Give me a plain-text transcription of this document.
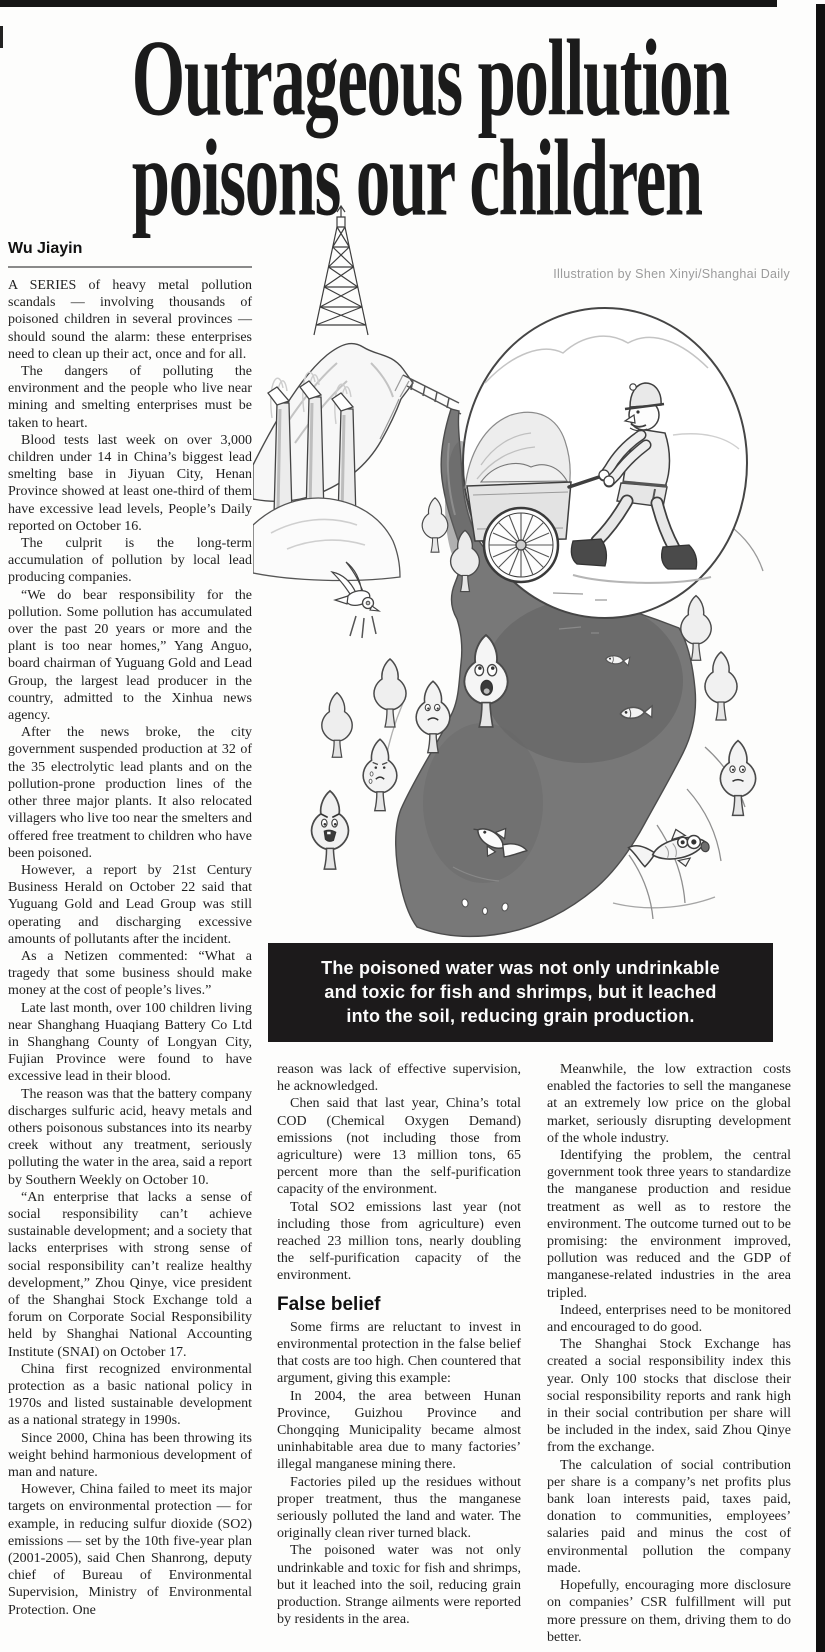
Outrageous pollution
poisons our children
Wu Jiayin
Illustration by Shen Xinyi/Shanghai Daily
The poisoned water was not only undrinkable
and toxic for fish and shrimps, but it leached
into the soil, reducing grain production.

A SERIES of heavy metal pollution scandals — involving thousands of poisoned children in several provinces — should sound the alarm: these enterprises need to clean up their act, once and for all.

The dangers of polluting the environment and the people who live near mining and smelting enterprises must be taken to heart.

Blood tests last week on over 3,000 children under 14 in China’s biggest lead smelting base in Jiyuan City, Henan Province showed at least one-third of them have excessive lead levels, People’s Daily reported on October 16.

The culprit is the long-term accumulation of pollution by local lead producing companies.

“We do bear responsibility for the pollution. Some pollution has accumulated over the past 20 years or more and the plant is too near homes,” Yang Anguo, board chairman of Yuguang Gold and Lead Group, the largest lead producer in the country, admitted to the Xinhua news agency.

After the news broke, the city government suspended production at 32 of the 35 electrolytic lead plants and on the pollution-prone production lines of the other three major plants. It also relocated villagers who live too near the smelters and offered free treatment to children who have been poisoned.

However, a report by 21st Century Business Herald on October 22 said that Yuguang Gold and Lead Group was still operating and discharging excessive amounts of pollutants after the incident.

As a Netizen commented: “What a tragedy that some business should make money at the cost of people’s lives.”

Late last month, over 100 children living near Shanghang Huaqiang Battery Co Ltd in Shanghang County of Longyan City, Fujian Province were found to have excessive lead in their blood.

The reason was that the battery company discharges sulfuric acid, heavy metals and others poisonous substances into its nearby creek without any treatment, seriously polluting the water in the area, said a report by Southern Weekly on October 10.

“An enterprise that lacks a sense of social responsibility can’t achieve sustainable development; and a society that lacks enterprises with strong sense of social responsibility can’t realize healthy development,” Zhou Qinye, vice president of the Shanghai Stock Exchange told a forum on Corporate Social Responsibility held by Shanghai National Accounting Institute (SNAI) on October 17.

China first recognized environmental protection as a basic national policy in 1970s and listed sustainable development as a national strategy in 1990s.

Since 2000, China has been throwing its weight behind harmonious development of man and nature.

However, China failed to meet its major targets on environmental protection — for example, in reducing sulfur dioxide (SO2) emissions — set by the 10th five-year plan (2001-2005), said Chen Shanrong, deputy chief of Bureau of Environmental Supervision, Ministry of Environmental Protection. One

reason was lack of effective supervision, he acknowledged.

Chen said that last year, China’s total COD (Chemical Oxygen Demand) emissions (not including those from agriculture) were 13 million tons, 65 percent more than the self-purification capacity of the environment.

Total SO2 emissions last year (not including those from agriculture) even reached 23 million tons, nearly doubling the self-purification capacity of the environment.

False belief

Some firms are reluctant to invest in environmental protection in the false belief that costs are too high. Chen countered that argument, giving this example:

In 2004, the area between Hunan Province, Guizhou Province and Chongqing Municipality became almost uninhabitable area due to many factories’ illegal manganese mining there.

Factories piled up the residues without proper treatment, thus the manganese seriously polluted the land and water. The originally clean river turned black.

The poisoned water was not only undrinkable and toxic for fish and shrimps, but it leached into the soil, reducing grain production. Strange ailments were reported by residents in the area.

Meanwhile, the low extraction costs enabled the factories to sell the manganese at an extremely low price on the global market, seriously disrupting development of the whole industry.

Identifying the problem, the central government took three years to standardize the manganese production and residue treatment as well as to restore the environment. The outcome turned out to be promising: the environment improved, pollution was reduced and the GDP of manganese-related industries in the area tripled.

Indeed, enterprises need to be monitored and encouraged to do good.

The Shanghai Stock Exchange has created a social responsibility index this year. Only 100 stocks that disclose their social responsibility reports and rank high in their social contribution per share will be included in the index, said Zhou Qinye from the exchange.

The calculation of social contribution per share is a company’s net profits plus bank loan interests paid, taxes paid, donation to communities, employees’ salaries paid and minus the cost of environmental pollution the company made.

Hopefully, encouraging more disclosure on companies’ CSR fulfillment will put more pressure on them, driving them to do better.
